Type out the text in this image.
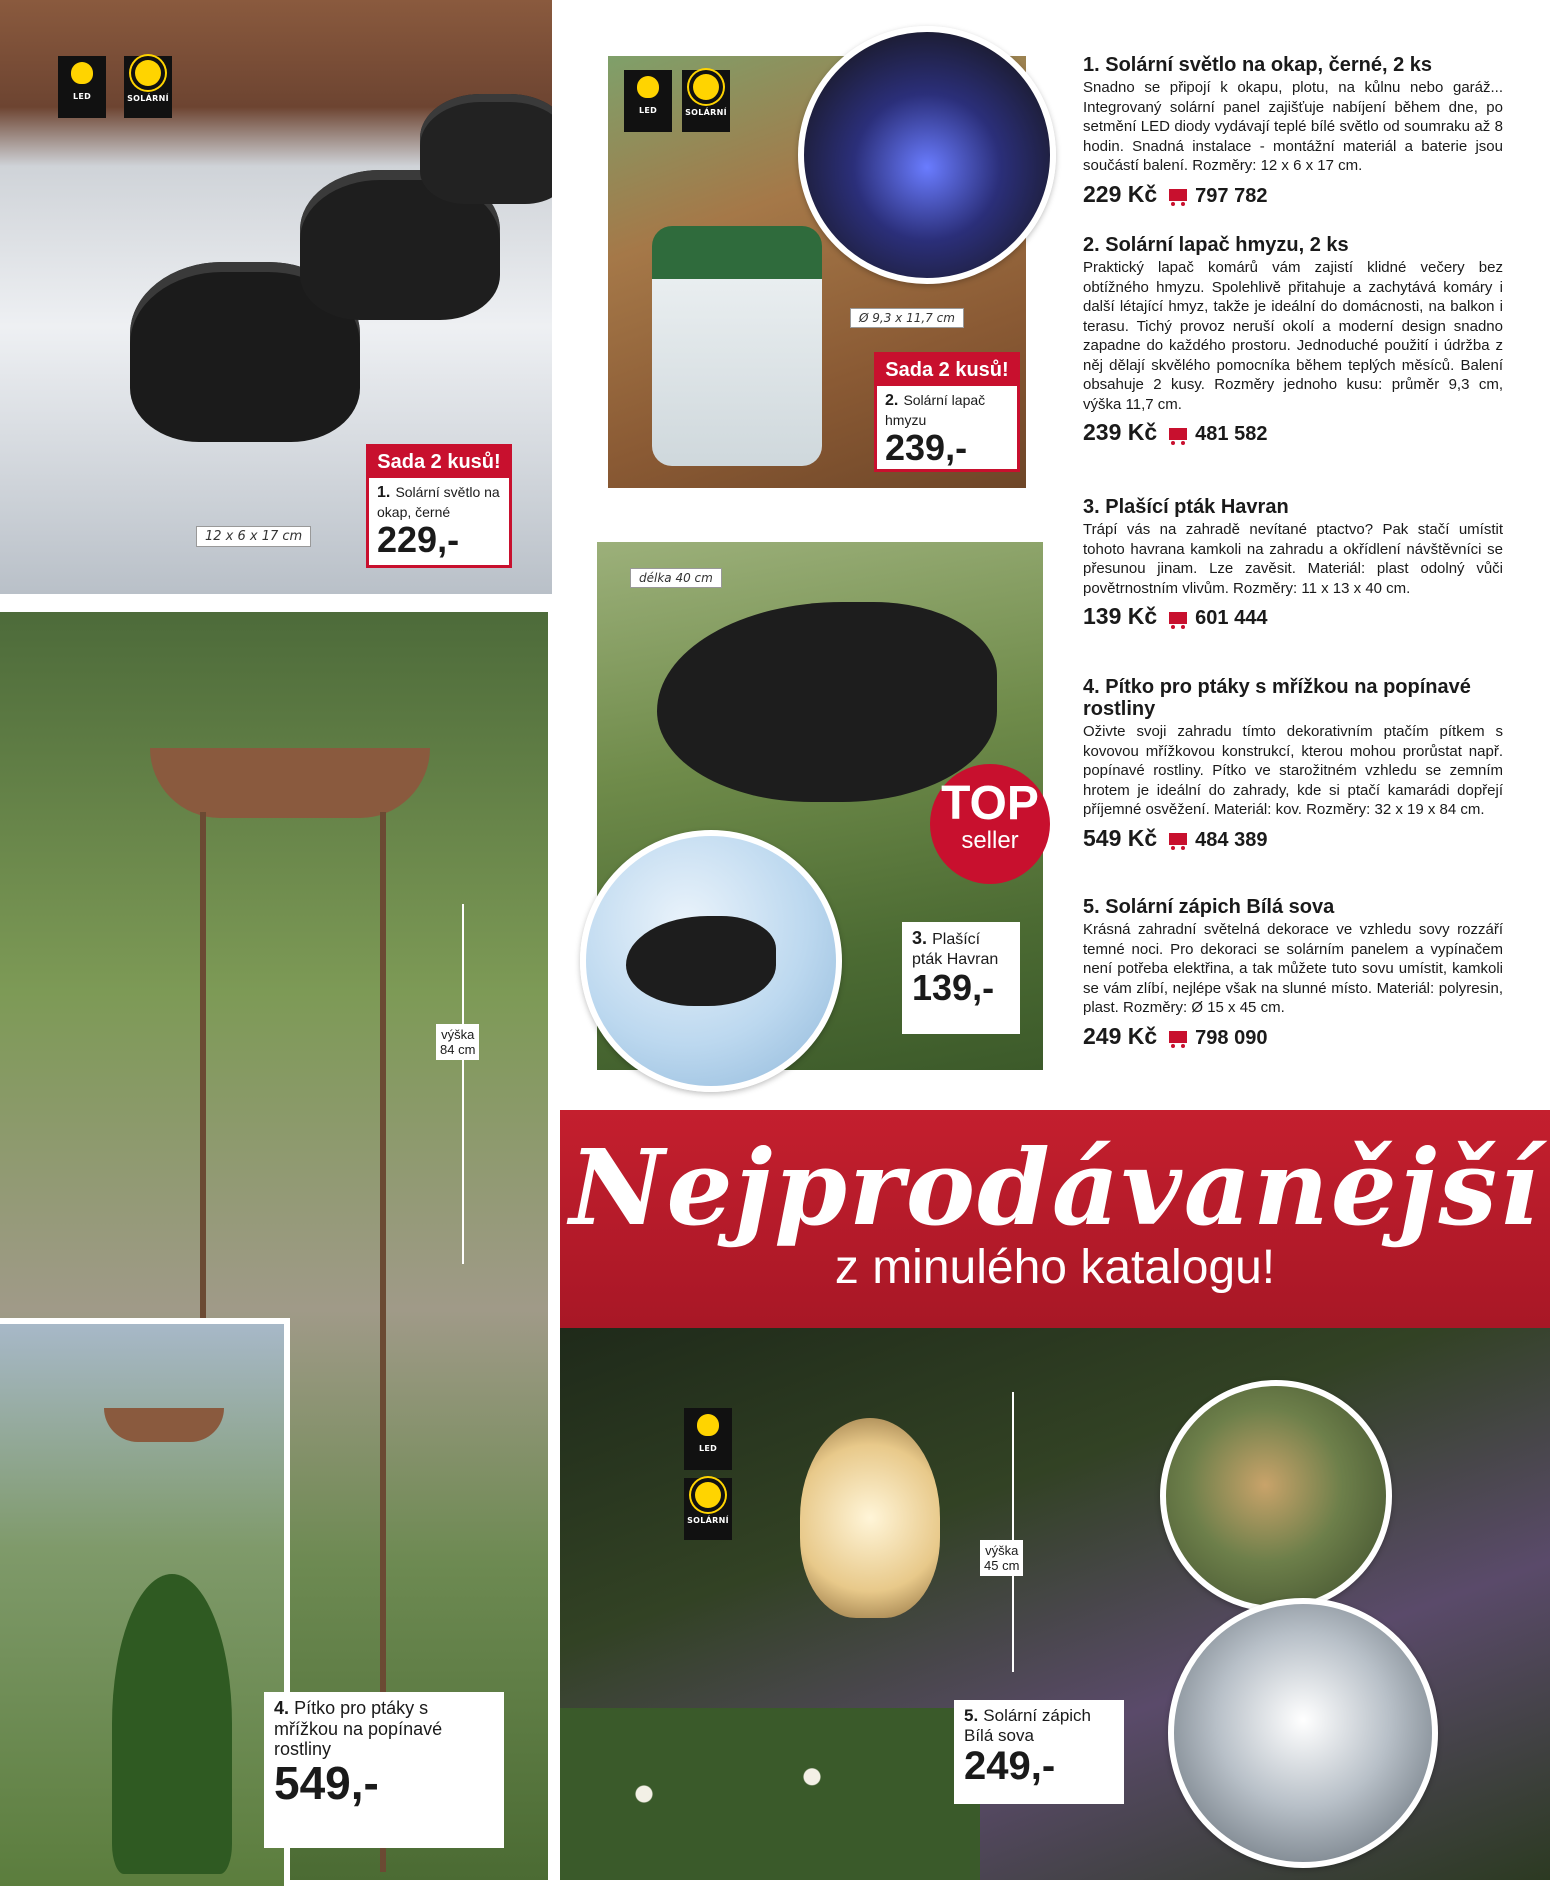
LED	SOLÁRNÍ
LED	SOLÁRNÍ
LED
SOLÁRNÍ
12 x 6 x 17 cm
Ø 9,3 x 11,7 cm
délka 40 cm
výška
84 cm
výška
45 cm
Sada 2 kusů!
1. Solární světlo na okap, černé
229,-
Sada 2 kusů!
2. Solární lapač hmyzu
239,-
TOP
seller
3. Plašící pták Havran
139,-
4. Pítko pro ptáky s mřížkou na popínavé rostliny
549,-
5. Solární zápich Bílá sova
249,-
1. Solární světlo na okap, černé, 2 ks

Snadno se připojí k okapu, plotu, na kůlnu nebo garáž... Integrovaný solární panel zajišťuje nabíjení během dne, po setmění LED diody vydávají teplé bílé světlo od soumraku až 8 hodin. Snadná instalace - montážní materiál a baterie jsou součástí balení. Rozměry: 12 x 6 x 17 cm.

229 Kč 797 782
2. Solární lapač hmyzu, 2 ks

Praktický lapač komárů vám zajistí klidné večery bez obtížného hmyzu. Spolehlivě přitahuje a zachytává komáry i další létající hmyz, takže je ideální do domácnosti, na balkon i terasu. Tichý provoz neruší okolí a moderní design snadno zapadne do každého prostoru. Jednoduché použití i údržba z něj dělají skvělého pomocníka během teplých měsíců. Balení obsahuje 2 kusy. Rozměry jednoho kusu: průměr 9,3 cm, výška 11,7 cm.

239 Kč 481 582
3. Plašící pták Havran

Trápí vás na zahradě nevítané ptactvo? Pak stačí umístit tohoto havrana kamkoli na zahradu a okřídlení návštěvníci se přesunou jinam. Lze zavěsit. Materiál: plast odolný vůči povětrnostním vlivům. Rozměry: 11 x 13 x 40 cm.

139 Kč 601 444
4. Pítko pro ptáky s mřížkou na popínavé rostliny

Oživte svoji zahradu tímto dekorativním ptačím pítkem s kovovou mřížkovou konstrukcí, kterou mohou prorůstat např. popínavé rostliny. Pítko ve starožitném vzhledu se zemním hrotem je ideální do zahrady, kde si ptačí kamarádi dopřejí příjemné osvěžení. Materiál: kov. Rozměry: 32 x 19 x 84 cm.

549 Kč 484 389
5. Solární zápich Bílá sova

Krásná zahradní světelná dekorace ve vzhledu sovy rozzáří temné noci. Pro dekoraci se solárním panelem a vypínačem není potřeba elektřina, a tak můžete tuto sovu umístit, kamkoli se vám zlíbí, nejlépe však na slunné místo. Materiál: polyresin, plast. Rozměry: Ø 15 x 45 cm.

249 Kč 798 090
Nejprodávanější
z minulého katalogu!
